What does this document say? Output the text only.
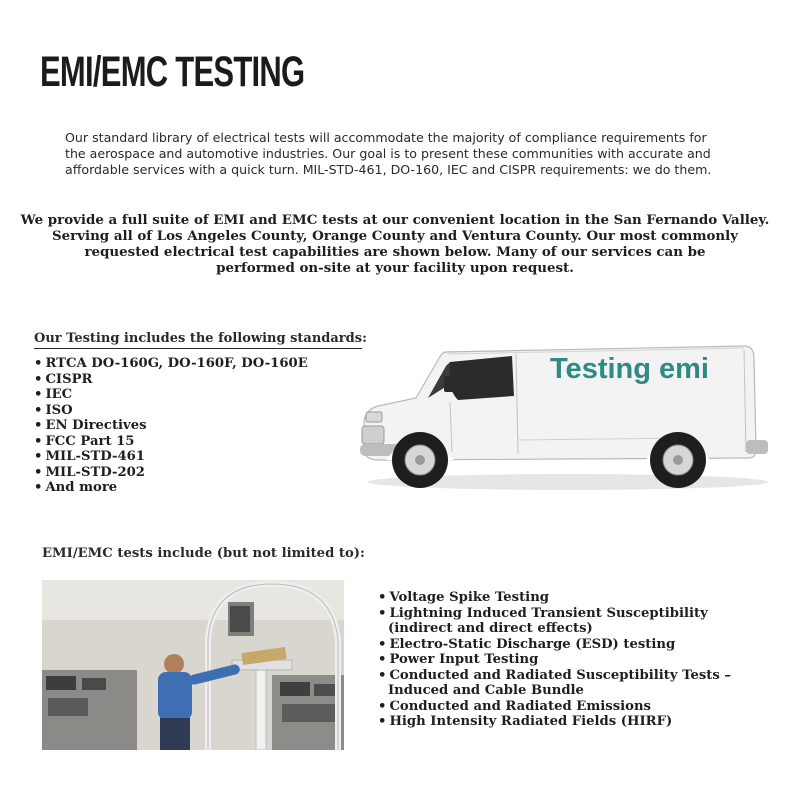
EMI/EMC TESTING
Our standard library of electrical tests will accommodate the majority of compliance requirements for
the aerospace and automotive industries. Our goal is to present these communities with accurate and
affordable services with a quick turn. MIL-STD-461, DO-160, IEC and CISPR requirements: we do them.
We provide a full suite of EMI and EMC tests at our convenient location in the San Fernando Valley.
Serving all of Los Angeles County, Orange County and Ventura County. Our most commonly
requested electrical test capabilities are shown below. Many of our services can be
performed on-site at your facility upon request.
Our Testing includes the following standards:
• RTCA DO-160G, DO-160F, DO-160E
• CISPR
• IEC
• ISO
• EN Directives
• FCC Part 15
• MIL-STD-461
• MIL-STD-202
• And more
Testing emi
EMI/EMC tests include (but not limited to):
• Voltage Spike Testing
• Lightning Induced Transient Susceptibility
(indirect and direct effects)
• Electro-Static Discharge (ESD) testing
• Power Input Testing
• Conducted and Radiated Susceptibility Tests –
Induced and Cable Bundle
• Conducted and Radiated Emissions
• High Intensity Radiated Fields (HIRF)
